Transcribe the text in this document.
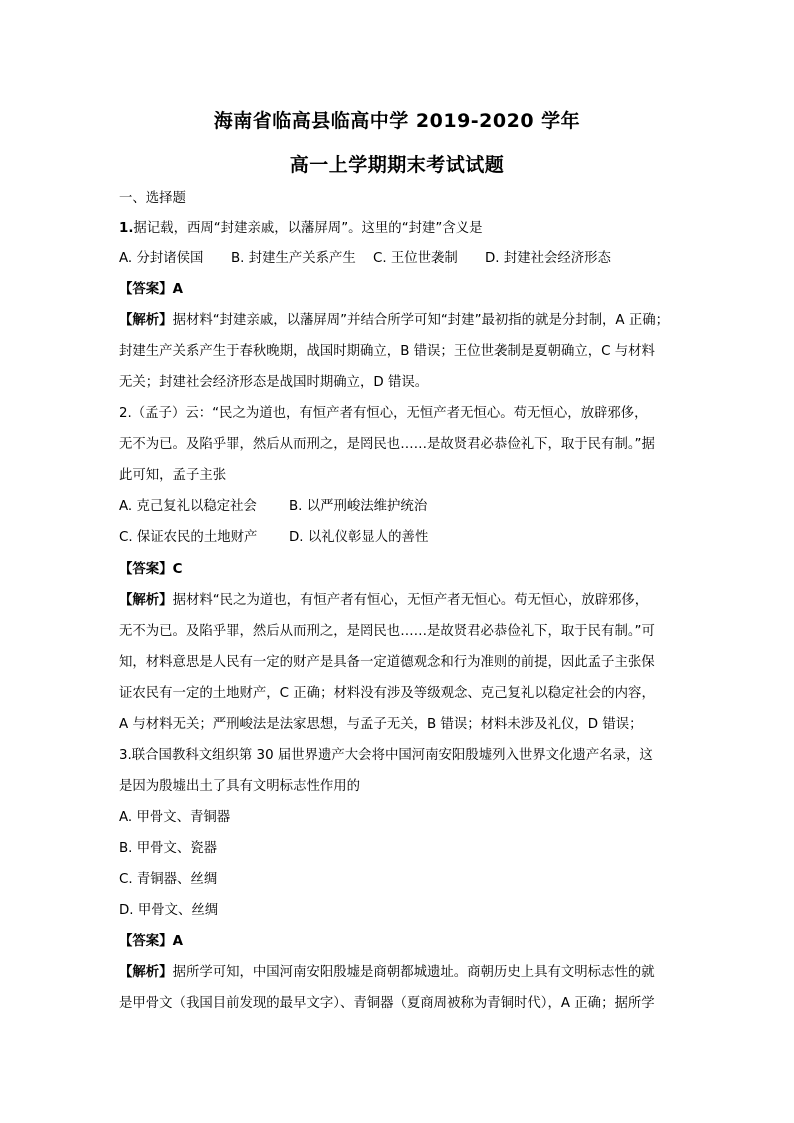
海南省临高县临高中学 2019-2020 学年
高一上学期期末考试试题
一、选择题
1.据记载，西周“封建亲戚，以藩屏周”。这里的“封建”含义是
A. 分封诸侯国 B. 封建生产关系产生 C. 王位世袭制 D. 封建社会经济形态
【答案】A
【解析】据材料“封建亲戚，以藩屏周”并结合所学可知“封建”最初指的就是分封制，A 正确；
封建生产关系产生于春秋晚期，战国时期确立，B 错误；王位世袭制是夏朝确立，C 与材料
无关；封建社会经济形态是战国时期确立，D 错误。
2.（孟子）云：“民之为道也，有恒产者有恒心，无恒产者无恒心。苟无恒心，放辟邪侈，
无不为已。及陷乎罪，然后从而刑之，是罔民也……是故贤君必恭俭礼下，取于民有制。”据
此可知，孟子主张
A. 克己复礼以稳定社会 B. 以严刑峻法维护统治
C. 保证农民的土地财产 D. 以礼仪彰显人的善性
【答案】C
【解析】据材料“民之为道也，有恒产者有恒心，无恒产者无恒心。苟无恒心，放辟邪侈，
无不为已。及陷乎罪，然后从而刑之，是罔民也……是故贤君必恭俭礼下，取于民有制。”可
知，材料意思是人民有一定的财产是具备一定道德观念和行为准则的前提，因此孟子主张保
证农民有一定的土地财产，C 正确；材料没有涉及等级观念、克己复礼以稳定社会的内容，
A 与材料无关；严刑峻法是法家思想，与孟子无关，B 错误；材料未涉及礼仪，D 错误；
3.联合国教科文组织第 30 届世界遗产大会将中国河南安阳殷墟列入世界文化遗产名录，这
是因为殷墟出土了具有文明标志性作用的
A. 甲骨文、青铜器
B. 甲骨文、瓷器
C. 青铜器、丝绸
D. 甲骨文、丝绸
【答案】A
【解析】据所学可知，中国河南安阳殷墟是商朝都城遗址。商朝历史上具有文明标志性的就
是甲骨文（我国目前发现的最早文字）、青铜器（夏商周被称为青铜时代），A 正确；据所学
